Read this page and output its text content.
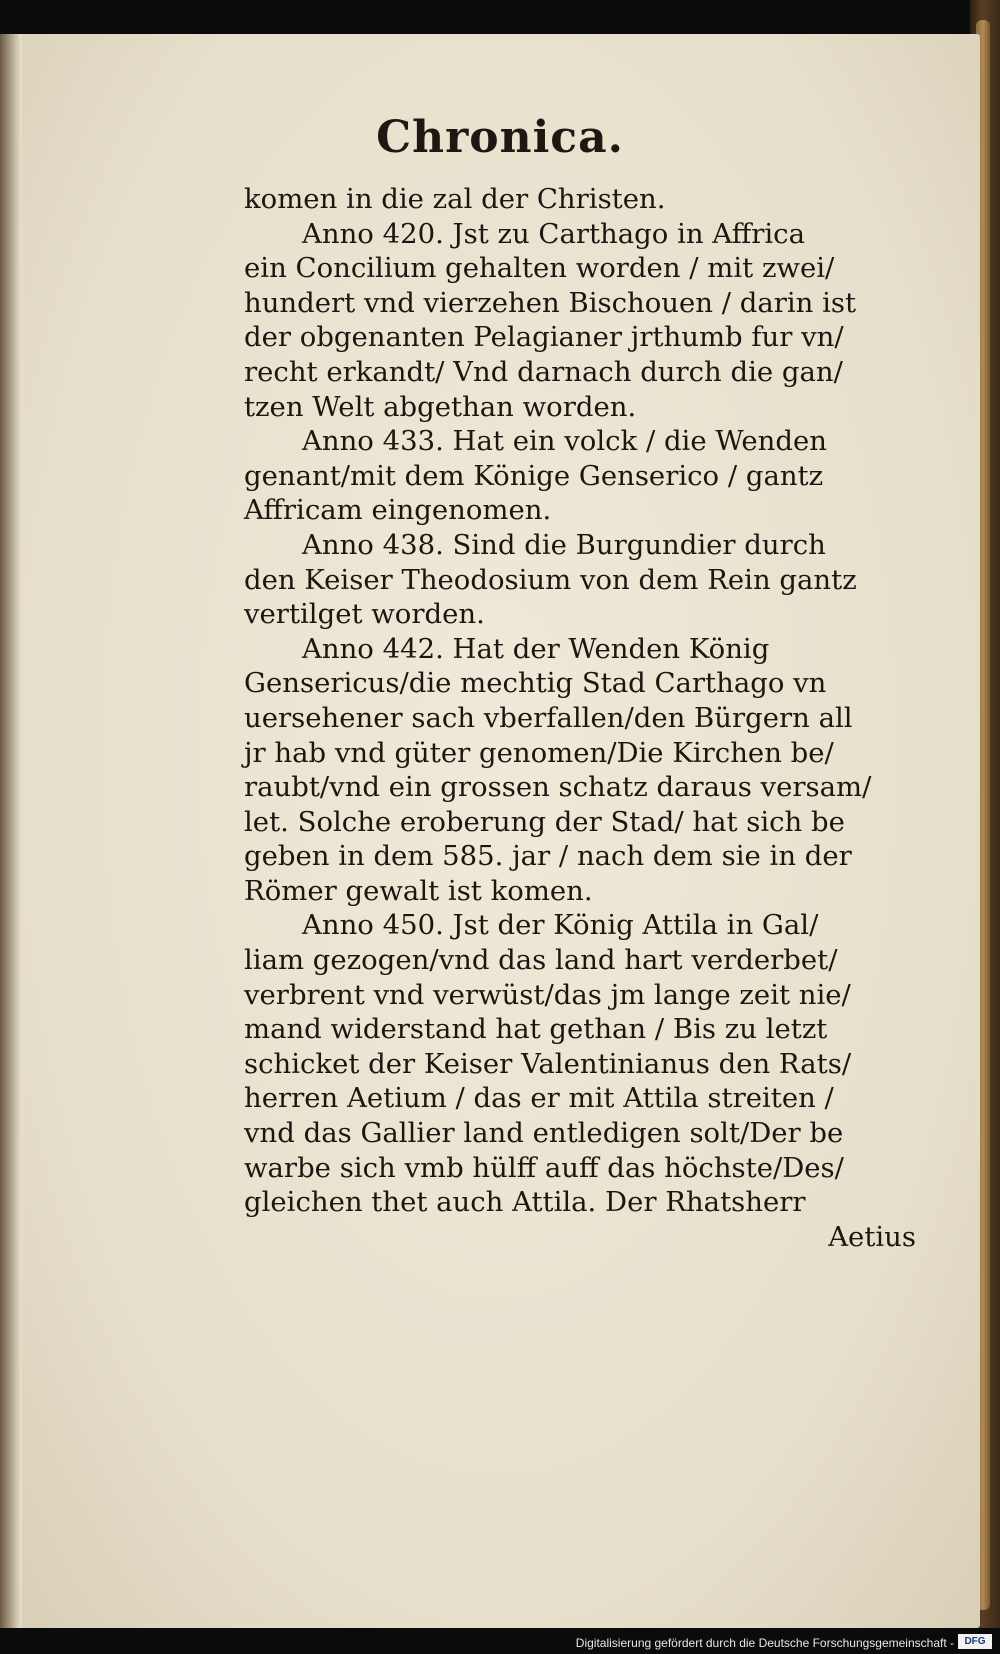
Chronica.
komen in die zal der Christen.
Anno 420. Jst zu Carthago in Affrica
ein Concilium gehalten worden / mit zwei/
hundert vnd vierzehen Bischouen / darin ist
der obgenanten Pelagianer jrthumb fur vn/
recht erkandt/ Vnd darnach durch die gan/
tzen Welt abgethan worden.
Anno 433. Hat ein volck / die Wenden
genant/mit dem Könige Genserico / gantz
Affricam eingenomen.
Anno 438. Sind die Burgundier durch
den Keiser Theodosium von dem Rein gantz
vertilget worden.
Anno 442. Hat der Wenden König
Gensericus/die mechtig Stad Carthago vn
uersehener sach vberfallen/den Bürgern all
jr hab vnd güter genomen/Die Kirchen be/
raubt/vnd ein grossen schatz daraus versam/
let. Solche eroberung der Stad/ hat sich be
geben in dem 585. jar / nach dem sie in der
Römer gewalt ist komen.
Anno 450. Jst der König Attila in Gal/
liam gezogen/vnd das land hart verderbet/
verbrent vnd verwüst/das jm lange zeit nie/
mand widerstand hat gethan / Bis zu letzt
schicket der Keiser Valentinianus den Rats/
herren Aetium / das er mit Attila streiten /
vnd das Gallier land entledigen solt/Der be
warbe sich vmb hülff auff das höchste/Des/
gleichen thet auch Attila. Der Rhatsherr
Aetius
Digitalisierung gefördert durch die Deutsche Forschungsgemeinschaft -	DFG
